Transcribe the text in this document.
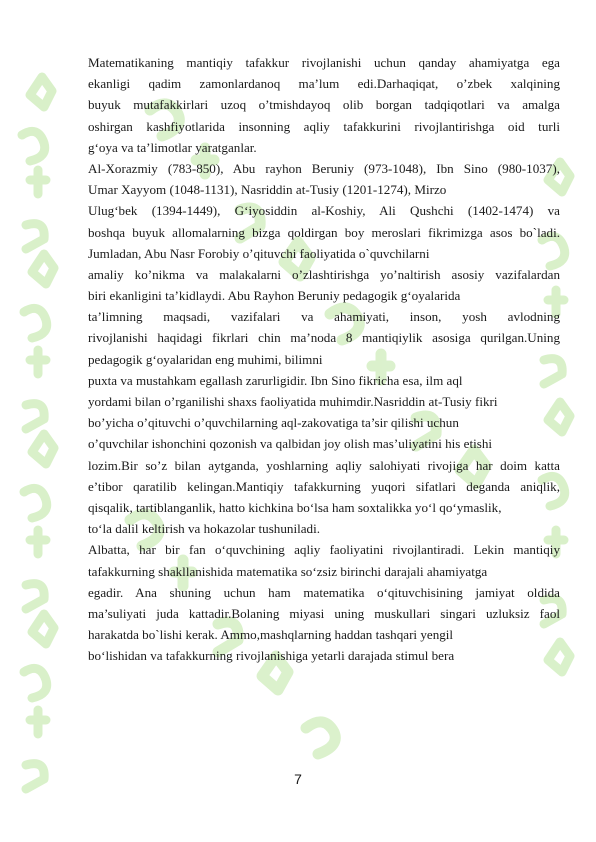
Matematikaning mantiqiy tafakkur rivojlanishi uchun qanday ahamiyatga ega
ekanligi qadim zamonlardanoq ma’lum edi.Darhaqiqat, o’zbek xalqining
buyuk mutafakkirlari uzoq o’tmishdayoq olib borgan tadqiqotlari va amalga
oshirgan kashfiyotlarida insonning aqliy tafakkurini rivojlantirishga oid turli
g‘oya va ta’limotlar yaratganlar.
Al-Xorazmiy (783-850), Abu rayhon Beruniy (973-1048), Ibn Sino (980-1037),
Umar Xayyom (1048-1131), Nasriddin at-Tusiy (1201-1274), Mirzo
Ulug‘bek (1394-1449), G‘iyosiddin al-Koshiy, Ali Qushchi (1402-1474) va
boshqa buyuk allomalarning bizga qoldirgan boy meroslari fikrimizga asos bo`ladi.
Jumladan, Abu Nasr Forobiy o’qituvchi faoliyatida o`quvchilarni
amaliy ko’nikma va malakalarni o’zlashtirishga yo’naltirish asosiy vazifalardan
biri ekanligini ta’kidlaydi. Abu Rayhon Beruniy pedagogik g‘oyalarida
ta’limning maqsadi, vazifalari va ahamiyati, inson, yosh avlodning
rivojlanishi haqidagi fikrlari chin ma’noda 8 mantiqiylik asosiga qurilgan.Uning
pedagogik g‘oyalaridan eng muhimi, bilimni
puxta va mustahkam egallash zarurligidir. Ibn Sino fikricha esa, ilm aql
yordami bilan o’rganilishi shaxs faoliyatida muhimdir.Nasriddin at-Tusiy fikri
bo’yicha o’qituvchi o’quvchilarning aql-zakovatiga ta’sir qilishi uchun
o’quvchilar ishonchini qozonish va qalbidan joy olish mas’uliyatini his etishi
lozim.Bir so’z bilan aytganda, yoshlarning aqliy salohiyati rivojiga har doim katta
e’tibor qaratilib kelingan.Mantiqiy tafakkurning yuqori sifatlari deganda aniqlik,
qisqalik, tartiblanganlik, hatto kichkina bo‘lsa ham soxtalikka yo‘l qo‘ymaslik,
to‘la dalil keltirish va hokazolar tushuniladi.
Albatta, har bir fan o‘quvchining aqliy faoliyatini rivojlantiradi. Lekin mantiqiy
tafakkurning shakllanishida matematika so‘zsiz birinchi darajali ahamiyatga
egadir. Ana shuning uchun ham matematika o‘qituvchisining jamiyat oldida
ma’suliyati juda kattadir.Bolaning miyasi uning muskullari singari uzluksiz faol
harakatda bo`lishi kerak. Ammo,mashqlarning haddan tashqari yengil
bo‘lishidan va tafakkurning rivojlanishiga yetarli darajada stimul bera
7
